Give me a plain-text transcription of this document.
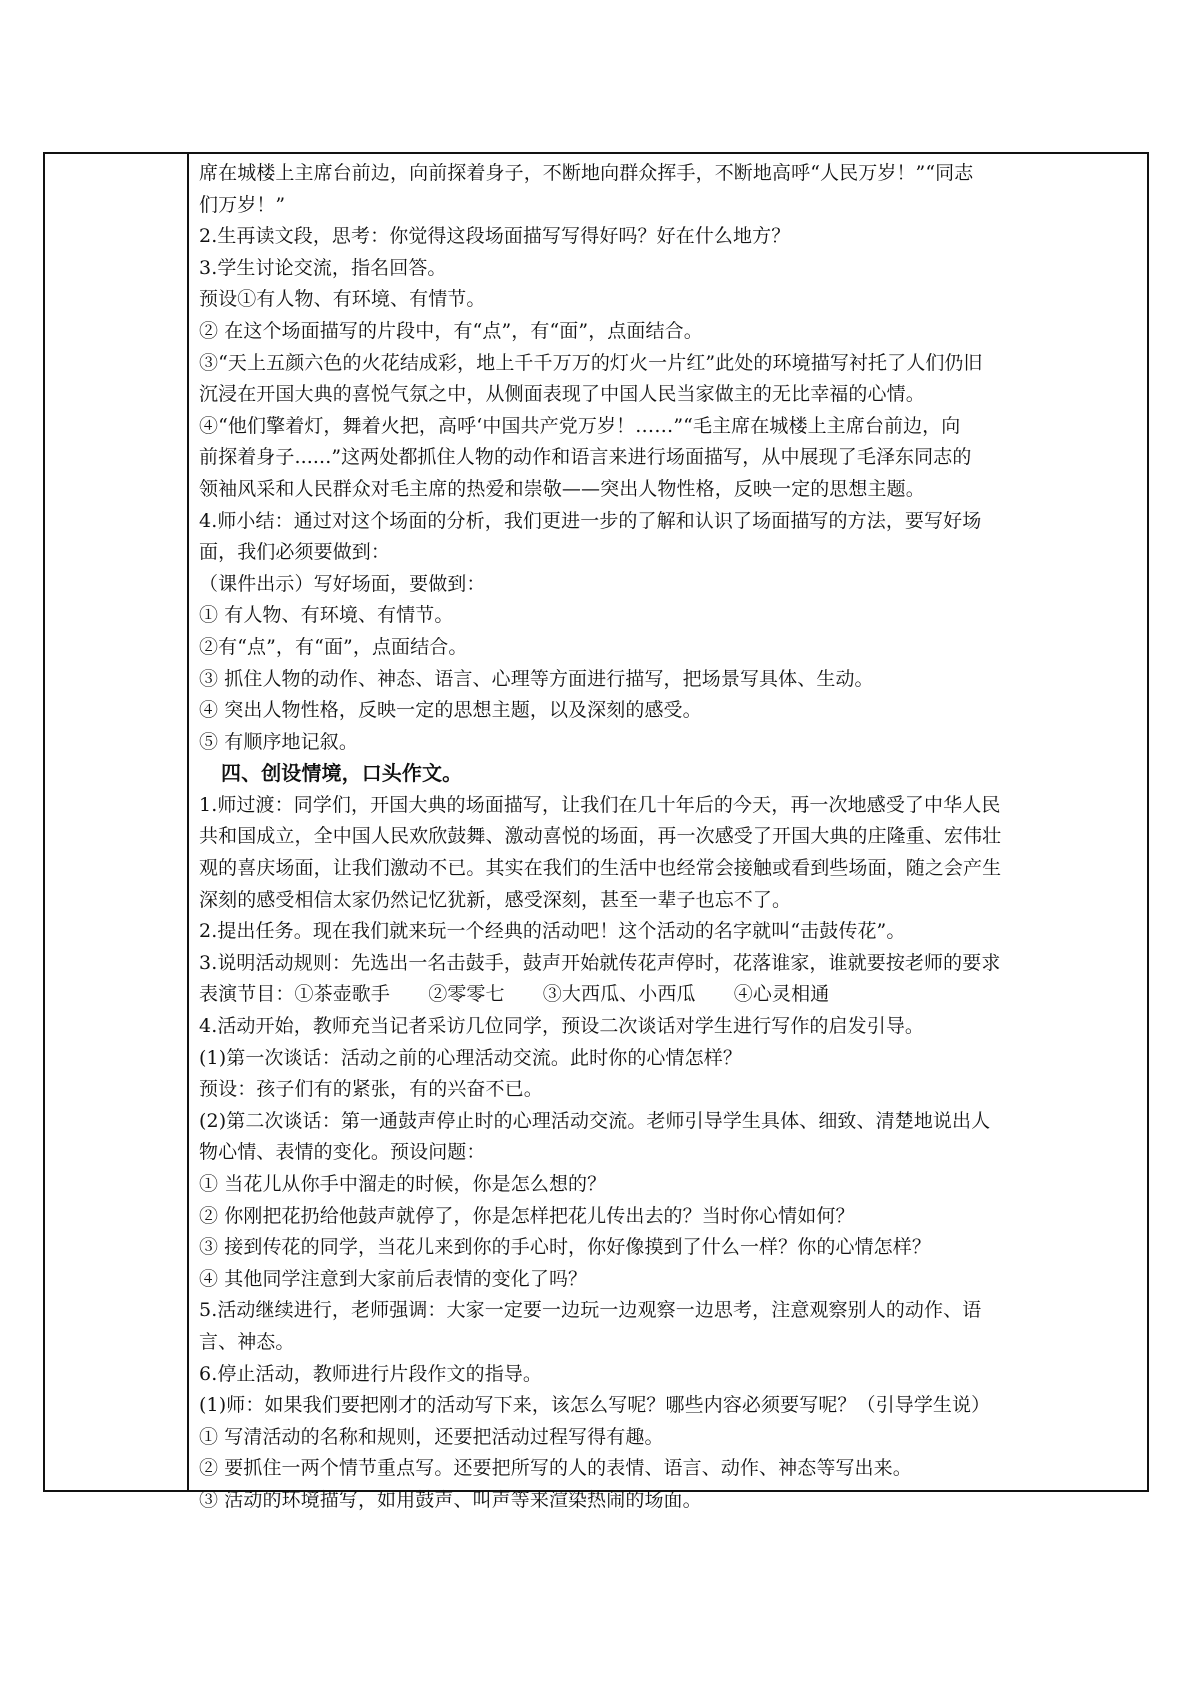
席在城楼上主席台前边，向前探着身子，不断地向群众挥手，不断地高呼“人民万岁！”“同志
们万岁！”
2.生再读文段，思考：你觉得这段场面描写写得好吗？好在什么地方？
3.学生讨论交流，指名回答。
预设①有人物、有环境、有情节。
② 在这个场面描写的片段中，有“点”，有“面”，点面结合。
③“天上五颜六色的火花结成彩，地上千千万万的灯火一片红”此处的环境描写衬托了人们仍旧
沉浸在开国大典的喜悦气氛之中，从侧面表现了中国人民当家做主的无比幸福的心情。
④“他们擎着灯，舞着火把，高呼‘中国共产党万岁！……”“毛主席在城楼上主席台前边，向
前探着身子......”这两处都抓住人物的动作和语言来进行场面描写，从中展现了毛泽东同志的
领袖风采和人民群众对毛主席的热爱和崇敬——突出人物性格，反映一定的思想主题。
4.师小结：通过对这个场面的分析，我们更进一步的了解和认识了场面描写的方法，要写好场
面，我们必须要做到：
（课件出示）写好场面，要做到：
① 有人物、有环境、有情节。
②有“点”，有“面”，点面结合。
③ 抓住人物的动作、神态、语言、心理等方面进行描写，把场景写具体、生动。
④ 突出人物性格，反映一定的思想主题，以及深刻的感受。
⑤ 有顺序地记叙。
四、创设情境，口头作文。
1.师过渡：同学们，开国大典的场面描写，让我们在几十年后的今天，再一次地感受了中华人民
共和国成立，全中国人民欢欣鼓舞、激动喜悦的场面，再一次感受了开国大典的庄隆重、宏伟壮
观的喜庆场面，让我们激动不已。其实在我们的生活中也经常会接触或看到些场面，随之会产生
深刻的感受相信太家仍然记忆犹新，感受深刻，甚至一辈子也忘不了。
2.提出任务。现在我们就来玩一个经典的活动吧！这个活动的名字就叫“击鼓传花”。
3.说明活动规则：先选出一名击鼓手，鼓声开始就传花声停时，花落谁家，谁就要按老师的要求
表演节目：①茶壶歌手　　②零零七　　③大西瓜、小西瓜　　④心灵相通
4.活动开始，教师充当记者采访几位同学，预设二次谈话对学生进行写作的启发引导。
(1)第一次谈话：活动之前的心理活动交流。此时你的心情怎样？
预设：孩子们有的紧张，有的兴奋不已。
(2)第二次谈话：第一通鼓声停止时的心理活动交流。老师引导学生具体、细致、清楚地说出人
物心情、表情的变化。预设问题：
① 当花儿从你手中溜走的时候，你是怎么想的？
② 你刚把花扔给他鼓声就停了，你是怎样把花儿传出去的？当时你心情如何？
③ 接到传花的同学，当花儿来到你的手心时，你好像摸到了什么一样？你的心情怎样？
④ 其他同学注意到大家前后表情的变化了吗？
5.活动继续进行，老师强调：大家一定要一边玩一边观察一边思考，注意观察别人的动作、语
言、神态。
6.停止活动，教师进行片段作文的指导。
(1)师：如果我们要把刚才的活动写下来，该怎么写呢？哪些内容必须要写呢？（引导学生说）
① 写清活动的名称和规则，还要把活动过程写得有趣。
② 要抓住一两个情节重点写。还要把所写的人的表情、语言、动作、神态等写出来。
③ 活动的环境描写，如用鼓声、叫声等来渲染热闹的场面。
